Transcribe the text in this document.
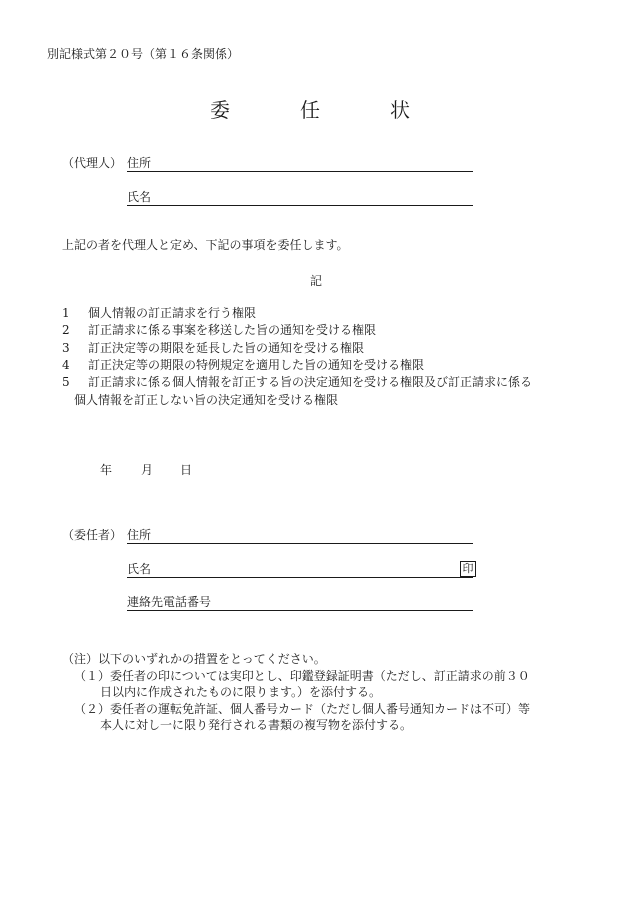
別記様式第２０号（第１６条関係）
委	任	状
（代理人） 住所
氏名
上記の者を代理人と定め、下記の事項を委任します。
記
1 個人情報の訂正請求を行う権限
2 訂正請求に係る事案を移送した旨の通知を受ける権限
3 訂正決定等の期限を延長した旨の通知を受ける権限
4 訂正決定等の期限の特例規定を適用した旨の通知を受ける権限
5 訂正請求に係る個人情報を訂正する旨の決定通知を受ける権限及び訂正請求に係る
個人情報を訂正しない旨の決定通知を受ける権限
年 月 日
（委任者） 住所
氏名	印
連絡先電話番号
（注）以下のいずれかの措置をとってください。
（１）委任者の印については実印とし、印鑑登録証明書（ただし、訂正請求の前３０
日以内に作成されたものに限ります。）を添付する。
（２）委任者の運転免許証、個人番号カード（ただし個人番号通知カードは不可）等
本人に対し一に限り発行される書類の複写物を添付する。
